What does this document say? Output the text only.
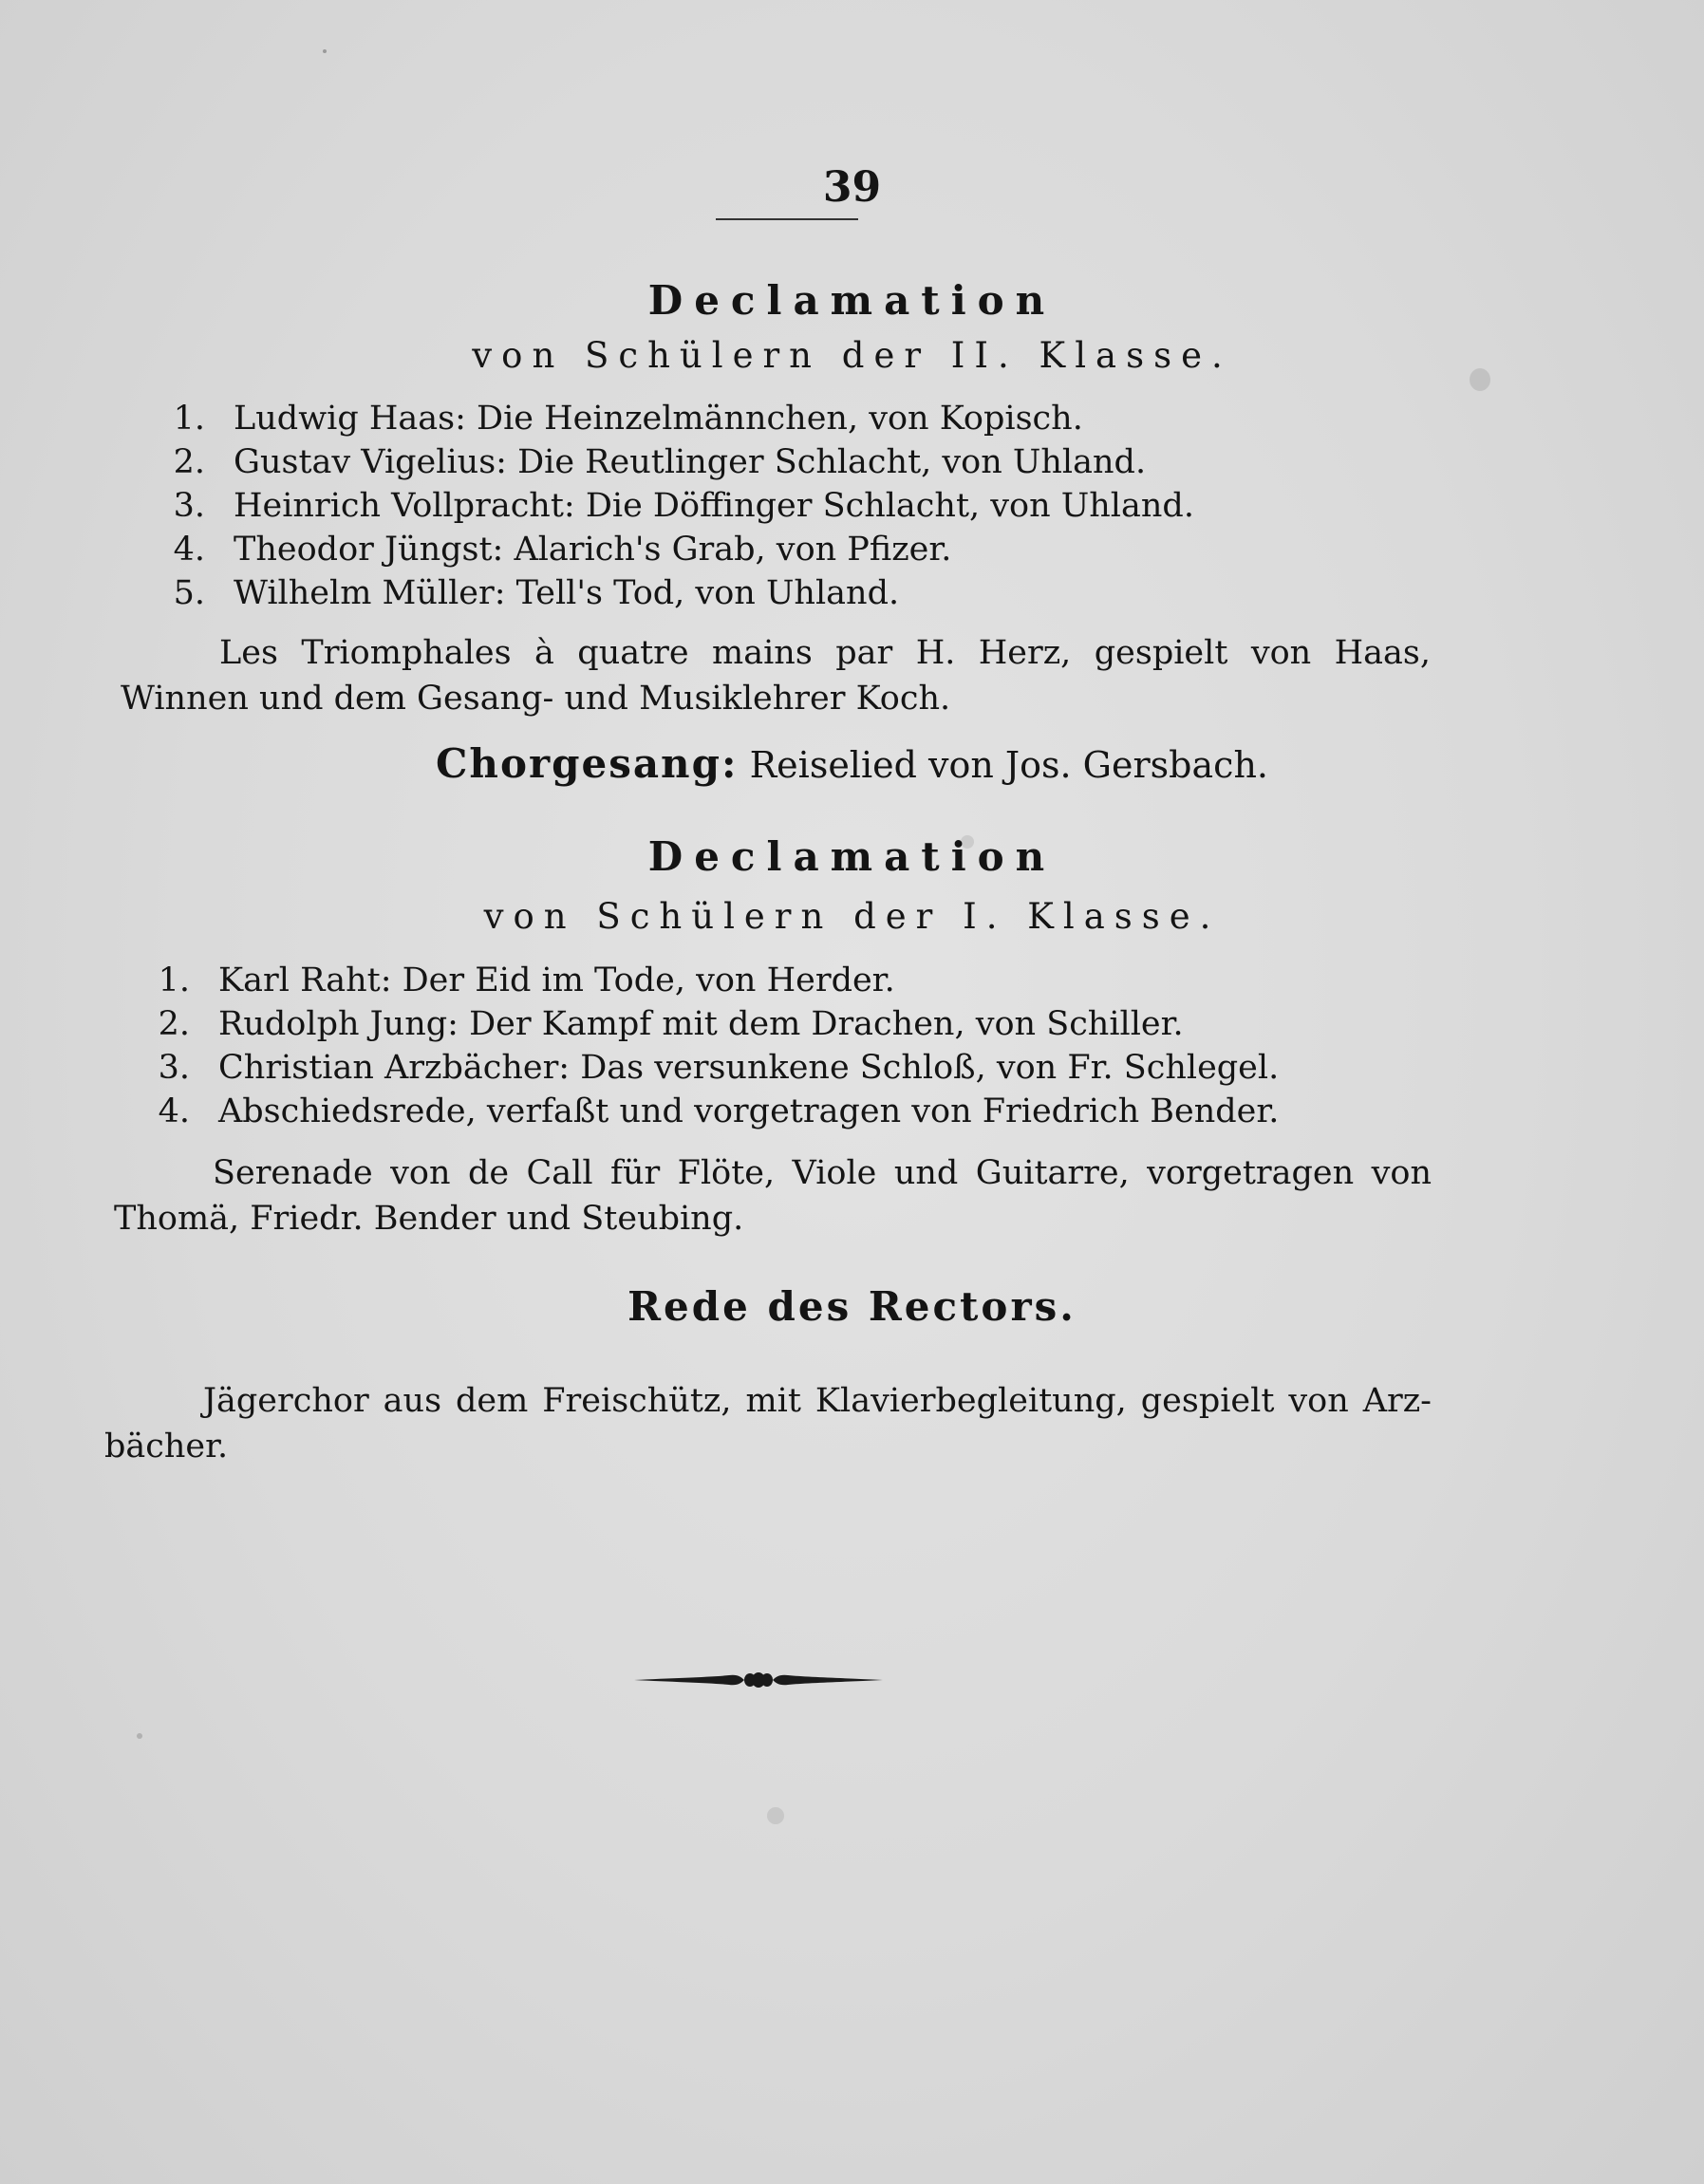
39
Declamation
von Schülern der II. Klasse.
1. Ludwig Haas: Die Heinzelmännchen, von Kopisch.
2. Gustav Vigelius: Die Reutlinger Schlacht, von Uhland.
3. Heinrich Vollpracht: Die Döffinger Schlacht, von Uhland.
4. Theodor Jüngst: Alarich's Grab, von Pfizer.
5. Wilhelm Müller: Tell's Tod, von Uhland.
Les Triomphales à quatre mains par H. Herz, gespielt von Haas,
Winnen und dem Gesang- und Musiklehrer Koch.
Chorgesang: Reiselied von Jos. Gersbach.
Declamation
von Schülern der I. Klasse.
1. Karl Raht: Der Eid im Tode, von Herder.
2. Rudolph Jung: Der Kampf mit dem Drachen, von Schiller.
3. Christian Arzbächer: Das versunkene Schloß, von Fr. Schlegel.
4. Abschiedsrede, verfaßt und vorgetragen von Friedrich Bender.
Serenade von de Call für Flöte, Viole und Guitarre, vorgetragen von
Thomä, Friedr. Bender und Steubing.
Rede des Rectors.
Jägerchor aus dem Freischütz, mit Klavierbegleitung, gespielt von Arz-
bächer.
